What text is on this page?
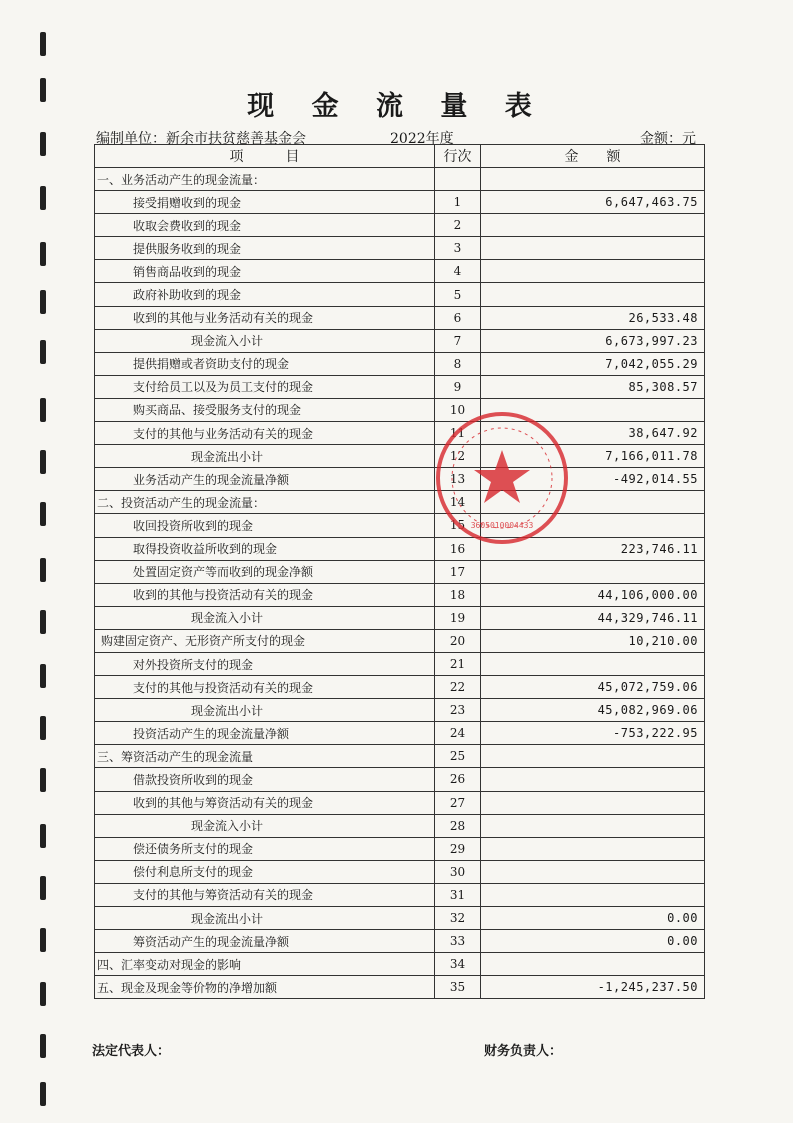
现 金 流 量 表
编制单位：新余市扶贫慈善基金会	2022年度	金额：元
项　　　目	行次	金　　额
一、业务活动产生的现金流量：		
接受捐赠收到的现金	1	6,647,463.75
收取会费收到的现金	2	
提供服务收到的现金	3	
销售商品收到的现金	4	
政府补助收到的现金	5	
收到的其他与业务活动有关的现金	6	26,533.48
现金流入小计	7	6,673,997.23
提供捐赠或者资助支付的现金	8	7,042,055.29
支付给员工以及为员工支付的现金	9	85,308.57
购买商品、接受服务支付的现金	10	
支付的其他与业务活动有关的现金	11	38,647.92
现金流出小计	12	7,166,011.78
业务活动产生的现金流量净额	13	-492,014.55
二、投资活动产生的现金流量：	14	
收回投资所收到的现金	15	
取得投资收益所收到的现金	16	223,746.11
处置固定资产等而收到的现金净额	17	
收到的其他与投资活动有关的现金	18	44,106,000.00
现金流入小计	19	44,329,746.11
购建固定资产、无形资产所支付的现金	20	10,210.00
对外投资所支付的现金	21	
支付的其他与投资活动有关的现金	22	45,072,759.06
现金流出小计	23	45,082,969.06
投资活动产生的现金流量净额	24	-753,222.95
三、筹资活动产生的现金流量	25	
借款投资所收到的现金	26	
收到的其他与筹资活动有关的现金	27	
现金流入小计	28	
偿还债务所支付的现金	29	
偿付利息所支付的现金	30	
支付的其他与筹资活动有关的现金	31	
现金流出小计	32	0.00
筹资活动产生的现金流量净额	33	0.00
四、汇率变动对现金的影响	34	
五、现金及现金等价物的净增加额	35	-1,245,237.50
3605010004433
法定代表人：	财务负责人：
